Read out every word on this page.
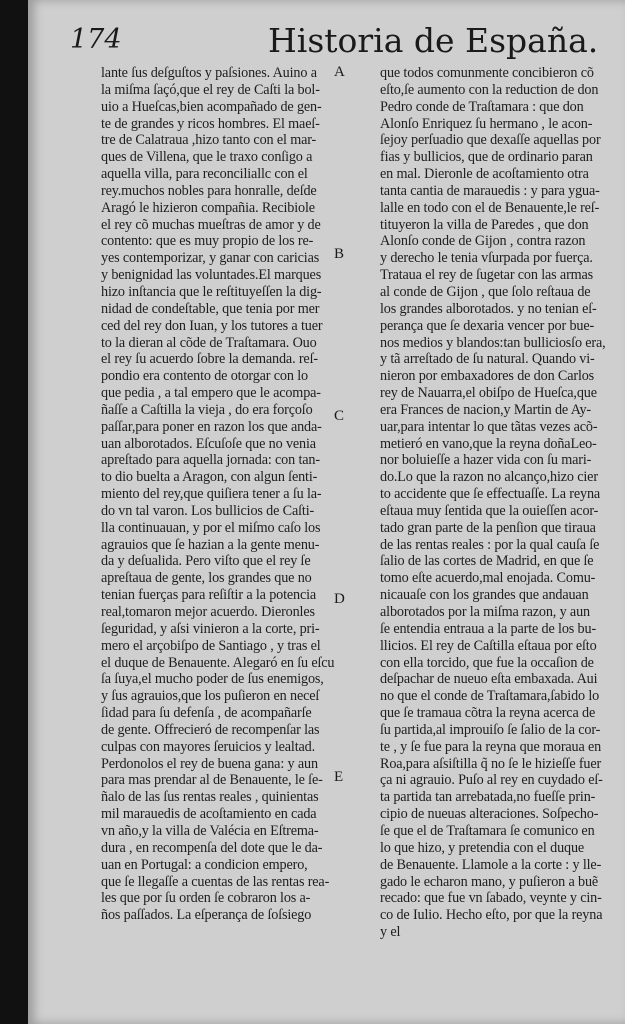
174	Historia de España.
lante ſus deſguſtos y paſsiones. Auino a
la miſma ſaçó,que el rey de Caſti la bol-
uio a Hueſcas,bien acompañado de gen-
te de grandes y ricos hombres. El maeſ-
tre de Calatraua ,hizo tanto con el mar-
ques de Villena, que le traxo conſigo a
aquella villa, para reconciliallc con el
rey.muchos nobles para honralle, deſde
Aragó le hizieron compañia. Recibiole
el rey cõ muchas mueſtras de amor y de
contento: que es muy propio de los re-
yes contemporizar, y ganar con caricias
y benignidad las voluntades.El marques
hizo inſtancia que le reſtituyeſſen la dig-
nidad de condeſtable, que tenia por mer
ced del rey don Iuan, y los tutores a tuer
to la dieran al cõde de Traſtamara. Ouo
el rey ſu acuerdo ſobre la demanda. reſ-
pondio era contento de otorgar con lo
que pedia , a tal empero que le acompa-
ñaſſe a Caſtilla la vieja , do era forçoſo
paſſar,para poner en razon los que anda-
uan alborotados. Eſcuſoſe que no venia
apreſtado para aquella jornada: con tan-
to dio buelta a Aragon, con algun ſenti-
miento del rey,que quiſiera tener a ſu la-
do vn tal varon. Los bullicios de Caſti-
lla continuauan, y por el miſmo caſo los
agrauios que ſe hazian a la gente menu-
da y deſualida. Pero viſto que el rey ſe
apreſtaua de gente, los grandes que no
tenian fuerças para reſiſtir a la potencia
real,tomaron mejor acuerdo. Dieronles
ſeguridad, y aſsi vinieron a la corte, pri-
mero el arçobiſpo de Santiago , y tras el
el duque de Benauente. Alegaró en ſu eſcu
ſa ſuya,el mucho poder de ſus enemigos,
y ſus agrauios,que los puſieron en neceſ
ſidad para ſu defenſa , de acompañarſe
de gente. Offrecieró de recompenſar las
culpas con mayores ſeruicios y lealtad.
Perdonolos el rey de buena gana: y aun
para mas prendar al de Benauente, le ſe-
ñalo de las ſus rentas reales , quinientas
mil marauedis de acoſtamiento en cada
vn año,y la villa de Valécia en Eſtrema-
dura , en recompenſa del dote que le da-
uan en Portugal: a condicion empero,
que ſe llegaſſe a cuentas de las rentas rea-
les que por ſu orden ſe cobraron los a-
ños paſſados. La eſperança de ſoſsiego
que todos comunmente concibieron cõ
eſto,ſe aumento con la reduction de don
Pedro conde de Traſtamara : que don
Alonſo Enriquez ſu hermano , le acon-
ſejoy perſuadio que dexaſſe aquellas por
fias y bullicios, que de ordinario paran
en mal. Dieronle de acoſtamiento otra
tanta cantia de marauedis : y para ygua-
lalle en todo con el de Benauente,le reſ-
tituyeron la villa de Paredes , que don
Alonſo conde de Gijon , contra razon
y derecho le tenia vſurpada por fuerça.
Trataua el rey de ſugetar con las armas
al conde de Gijon , que ſolo reſtaua de
los grandes alborotados. y no tenian eſ-
perança que ſe dexaria vencer por bue-
nos medios y blandos:tan bulliciosſo era,
y tã arreſtado de ſu natural. Quando vi-
nieron por embaxadores de don Carlos
rey de Nauarra,el obiſpo de Hueſca,que
era Frances de nacion,y Martin de Ay-
uar,para intentar lo que tãtas vezes acõ-
metieró en vano,que la reyna doñaLeo-
nor boluieſſe a hazer vida con ſu mari-
do.Lo que la razon no alcanço,hizo cier
to accidente que ſe effectuaſſe. La reyna
eſtaua muy ſentida que la ouieſſen acor-
tado gran parte de la penſion que tiraua
de las rentas reales : por la qual cauſa ſe
ſalio de las cortes de Madrid, en que ſe
tomo eſte acuerdo,mal enojada. Comu-
nicauaſe con los grandes que andauan
alborotados por la miſma razon, y aun
ſe entendia entraua a la parte de los bu-
llicios. El rey de Caſtilla eſtaua por eſto
con ella torcido, que fue la occaſion de
deſpachar de nueuo eſta embaxada. Aui
no que el conde de Traſtamara,ſabido lo
que ſe tramaua cõtra la reyna acerca de
ſu partida,al improuiſo ſe ſalio de la cor-
te , y ſe fue para la reyna que moraua en
Roa,para aſsiſtilla q̃ no ſe le hizieſſe fuer
ça ni agrauio. Puſo al rey en cuydado eſ-
ta partida tan arrebatada,no fueſſe prin-
cipio de nueuas alteraciones. Soſpecho-
ſe que el de Traſtamara ſe comunico en
lo que hizo, y pretendia con el duque
de Benauente. Llamole a la corte : y lle-
gado le echaron mano, y puſieron a buẽ
recado: que fue vn ſabado, veynte y cin-
co de Iulio. Hecho eſto, por que la reyna
y el
A
B
C
D
E
